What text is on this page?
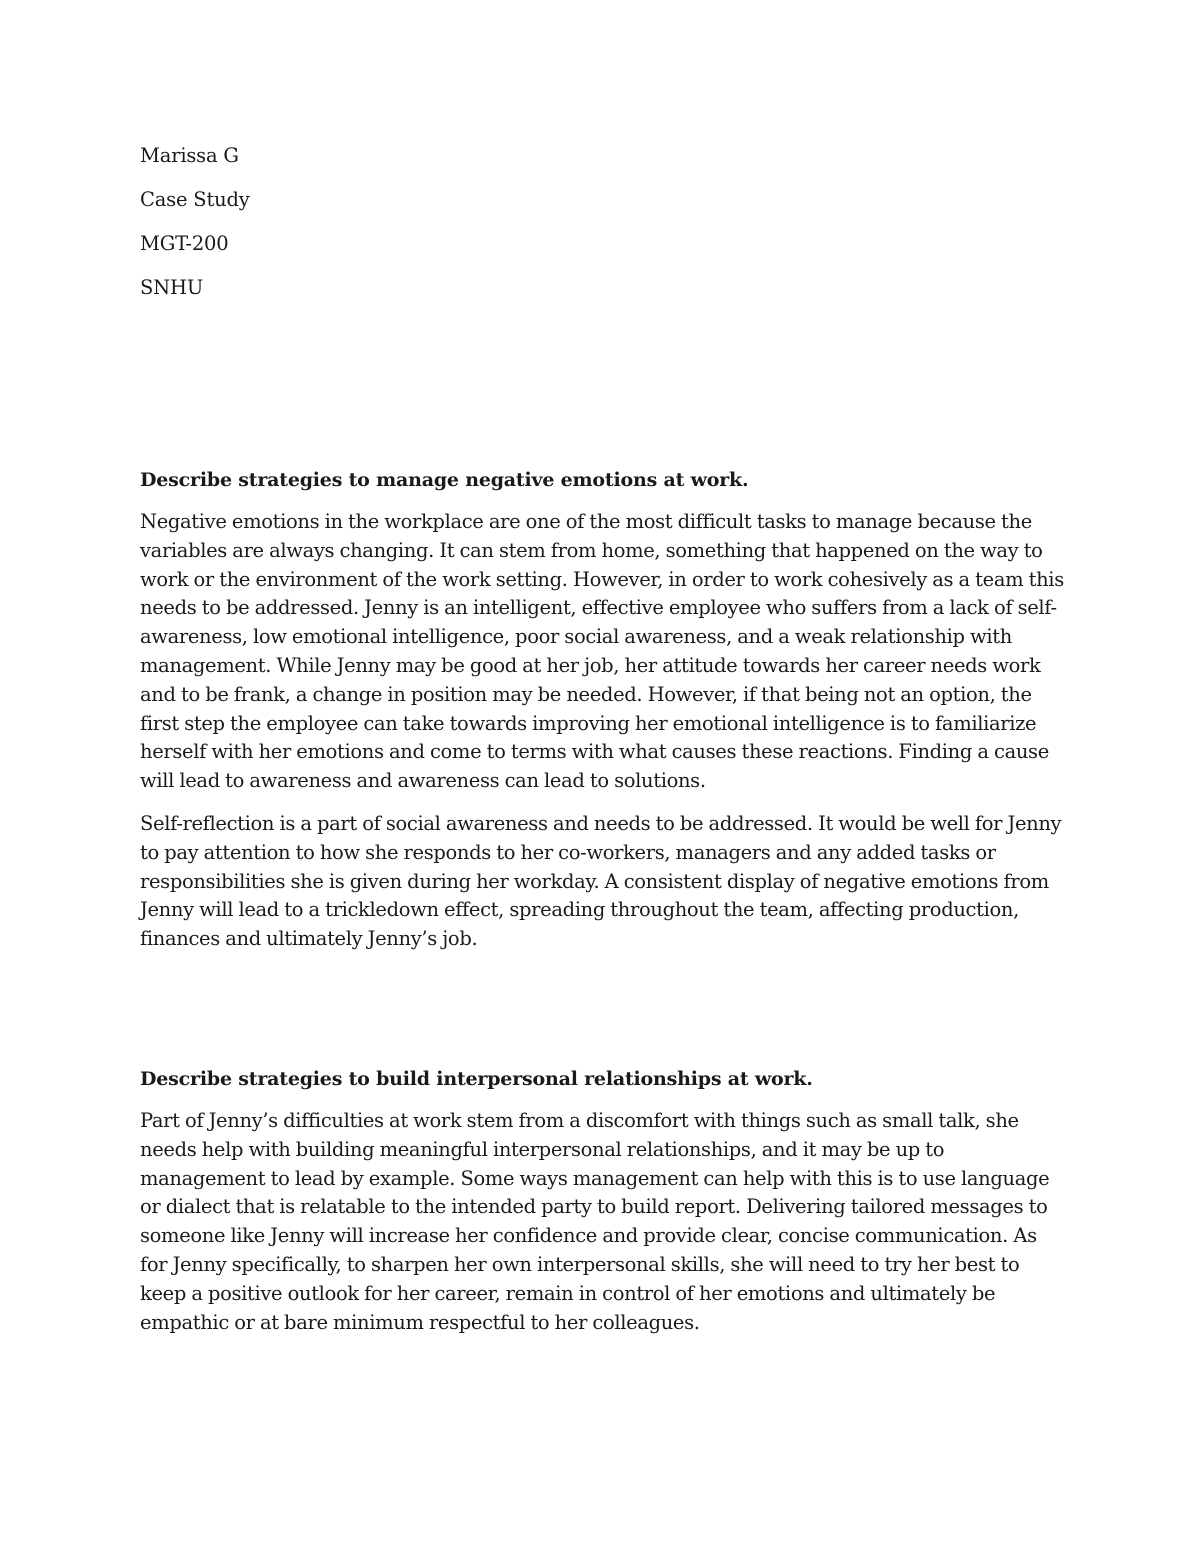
Marissa G

Case Study

MGT-200

SNHU

Describe strategies to manage negative emotions at work.

Negative emotions in the workplace are one of the most difficult tasks to manage because the variables are always changing. It can stem from home, something that happened on the way to work or the environment of the work setting. However, in order to work cohesively as a team this needs to be addressed. Jenny is an intelligent, effective employee who suffers from a lack of self-awareness, low emotional intelligence, poor social awareness, and a weak relationship with management. While Jenny may be good at her job, her attitude towards her career needs work and to be frank, a change in position may be needed. However, if that being not an option, the first step the employee can take towards improving her emotional intelligence is to familiarize herself with her emotions and come to terms with what causes these reactions. Finding a cause will lead to awareness and awareness can lead to solutions.

Self-reflection is a part of social awareness and needs to be addressed. It would be well for Jenny to pay attention to how she responds to her co-workers, managers and any added tasks or responsibilities she is given during her workday. A consistent display of negative emotions from Jenny will lead to a trickledown effect, spreading throughout the team, affecting production, finances and ultimately Jenny’s job.

Describe strategies to build interpersonal relationships at work.

Part of Jenny’s difficulties at work stem from a discomfort with things such as small talk, she needs help with building meaningful interpersonal relationships, and it may be up to management to lead by example. Some ways management can help with this is to use language or dialect that is relatable to the intended party to build report. Delivering tailored messages to someone like Jenny will increase her confidence and provide clear, concise communication. As for Jenny specifically, to sharpen her own interpersonal skills, she will need to try her best to keep a positive outlook for her career, remain in control of her emotions and ultimately be empathic or at bare minimum respectful to her colleagues.
